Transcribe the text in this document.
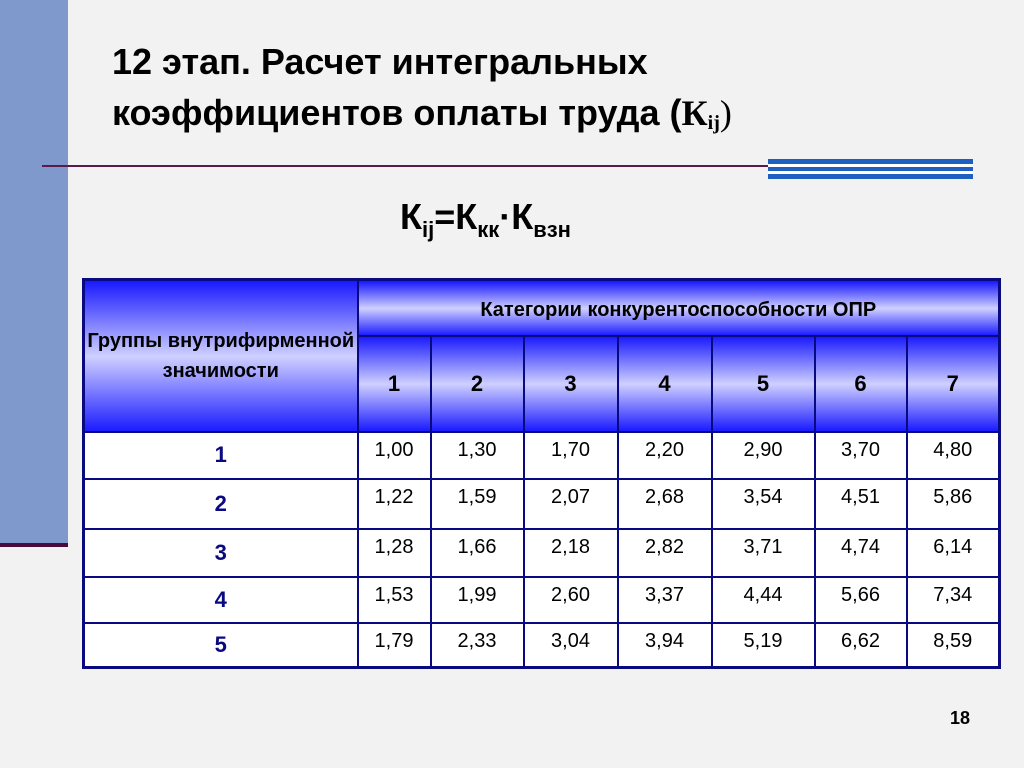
12 этап. Расчет интегральных
коэффициентов оплаты труда $(К_{ij})$
$К_{ij}=К_{кк}\cdot К_{взн}$
Группы внутрифирменной значимости	Категории конкурентоспособности ОПР						
	1	2	3	4	5	6	7
1	1,00	1,30	1,70	2,20	2,90	3,70	4,80
2	1,22	1,59	2,07	2,68	3,54	4,51	5,86
3	1,28	1,66	2,18	2,82	3,71	4,74	6,14
4	1,53	1,99	2,60	3,37	4,44	5,66	7,34
5	1,79	2,33	3,04	3,94	5,19	6,62	8,59
18
